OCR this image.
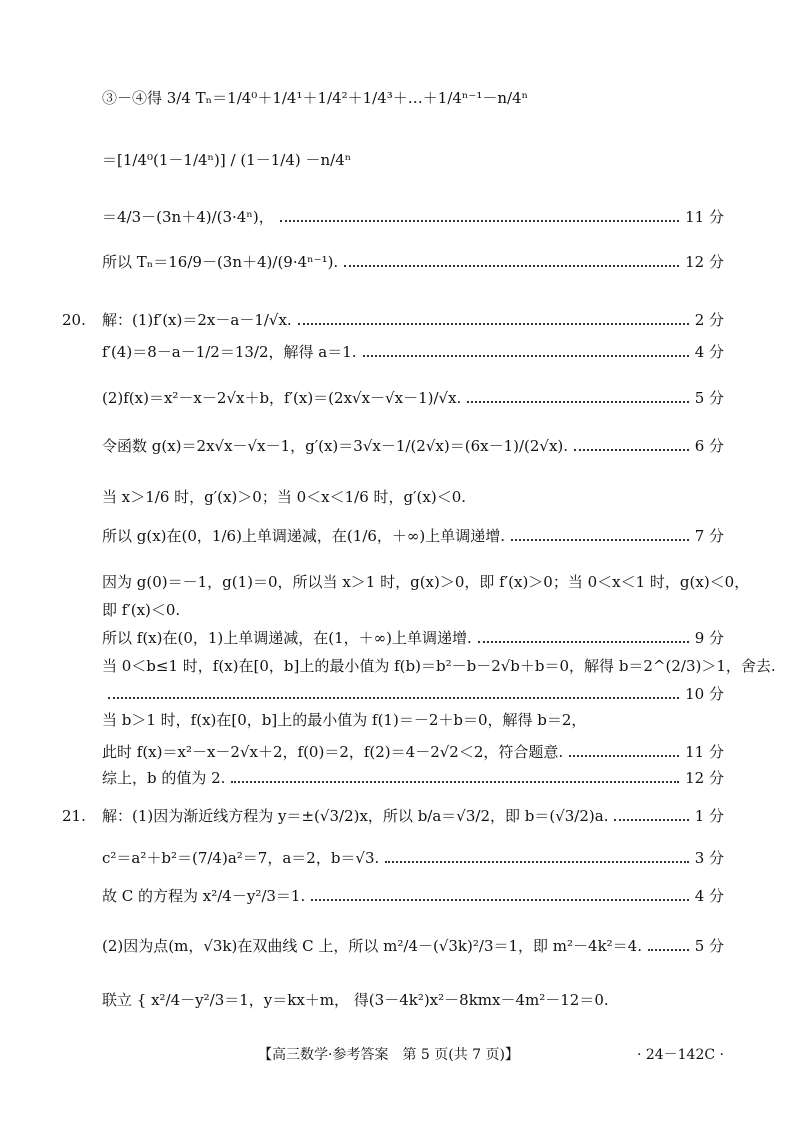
③－④得 3/4 Tₙ＝1/4⁰＋1/4¹＋1/4²＋1/4³＋…＋1/4ⁿ⁻¹－n/4ⁿ
＝[1/4⁰(1－1/4ⁿ)] / (1－1/4) －n/4ⁿ
＝4/3－(3n＋4)/(3·4ⁿ)，	11 分
所以 Tₙ＝16/9－(3n＋4)/(9·4ⁿ⁻¹).	12 分
20. 解：(1)f′(x)＝2x－a－1/√x.	2 分
f′(4)＝8－a－1/2＝13/2，解得 a＝1.	4 分
(2)f(x)＝x²－x－2√x＋b，f′(x)＝(2x√x－√x－1)/√x.	5 分
令函数 g(x)＝2x√x－√x－1，g′(x)＝3√x－1/(2√x)＝(6x－1)/(2√x).	6 分
当 x＞1/6 时，g′(x)＞0；当 0＜x＜1/6 时，g′(x)＜0.
所以 g(x)在(0，1/6)上单调递减，在(1/6，＋∞)上单调递增.	7 分
因为 g(0)＝－1，g(1)＝0，所以当 x＞1 时，g(x)＞0，即 f′(x)＞0；当 0＜x＜1 时，g(x)＜0，
即 f′(x)＜0.
所以 f(x)在(0，1)上单调递减，在(1，＋∞)上单调递增.	9 分
当 0＜b≤1 时，f(x)在[0，b]上的最小值为 f(b)＝b²－b－2√b＋b＝0，解得 b＝2^(2/3)＞1，舍去.
10 分
当 b＞1 时，f(x)在[0，b]上的最小值为 f(1)＝－2＋b＝0，解得 b＝2，
此时 f(x)＝x²－x－2√x＋2，f(0)＝2，f(2)＝4－2√2＜2，符合题意.	11 分
综上，b 的值为 2.	12 分
21. 解：(1)因为渐近线方程为 y＝±(√3/2)x，所以 b/a＝√3/2，即 b＝(√3/2)a.	1 分
c²＝a²＋b²＝(7/4)a²＝7，a＝2，b＝√3.	3 分
故 C 的方程为 x²/4－y²/3＝1.	4 分
(2)因为点(m，√3k)在双曲线 C 上，所以 m²/4－(√3k)²/3＝1，即 m²－4k²＝4.	5 分
联立 { x²/4－y²/3＝1，y＝kx＋m， 得(3－4k²)x²－8kmx－4m²－12＝0.
【高三数学·参考答案　第 5 页(共 7 页)】	· 24－142C ·
